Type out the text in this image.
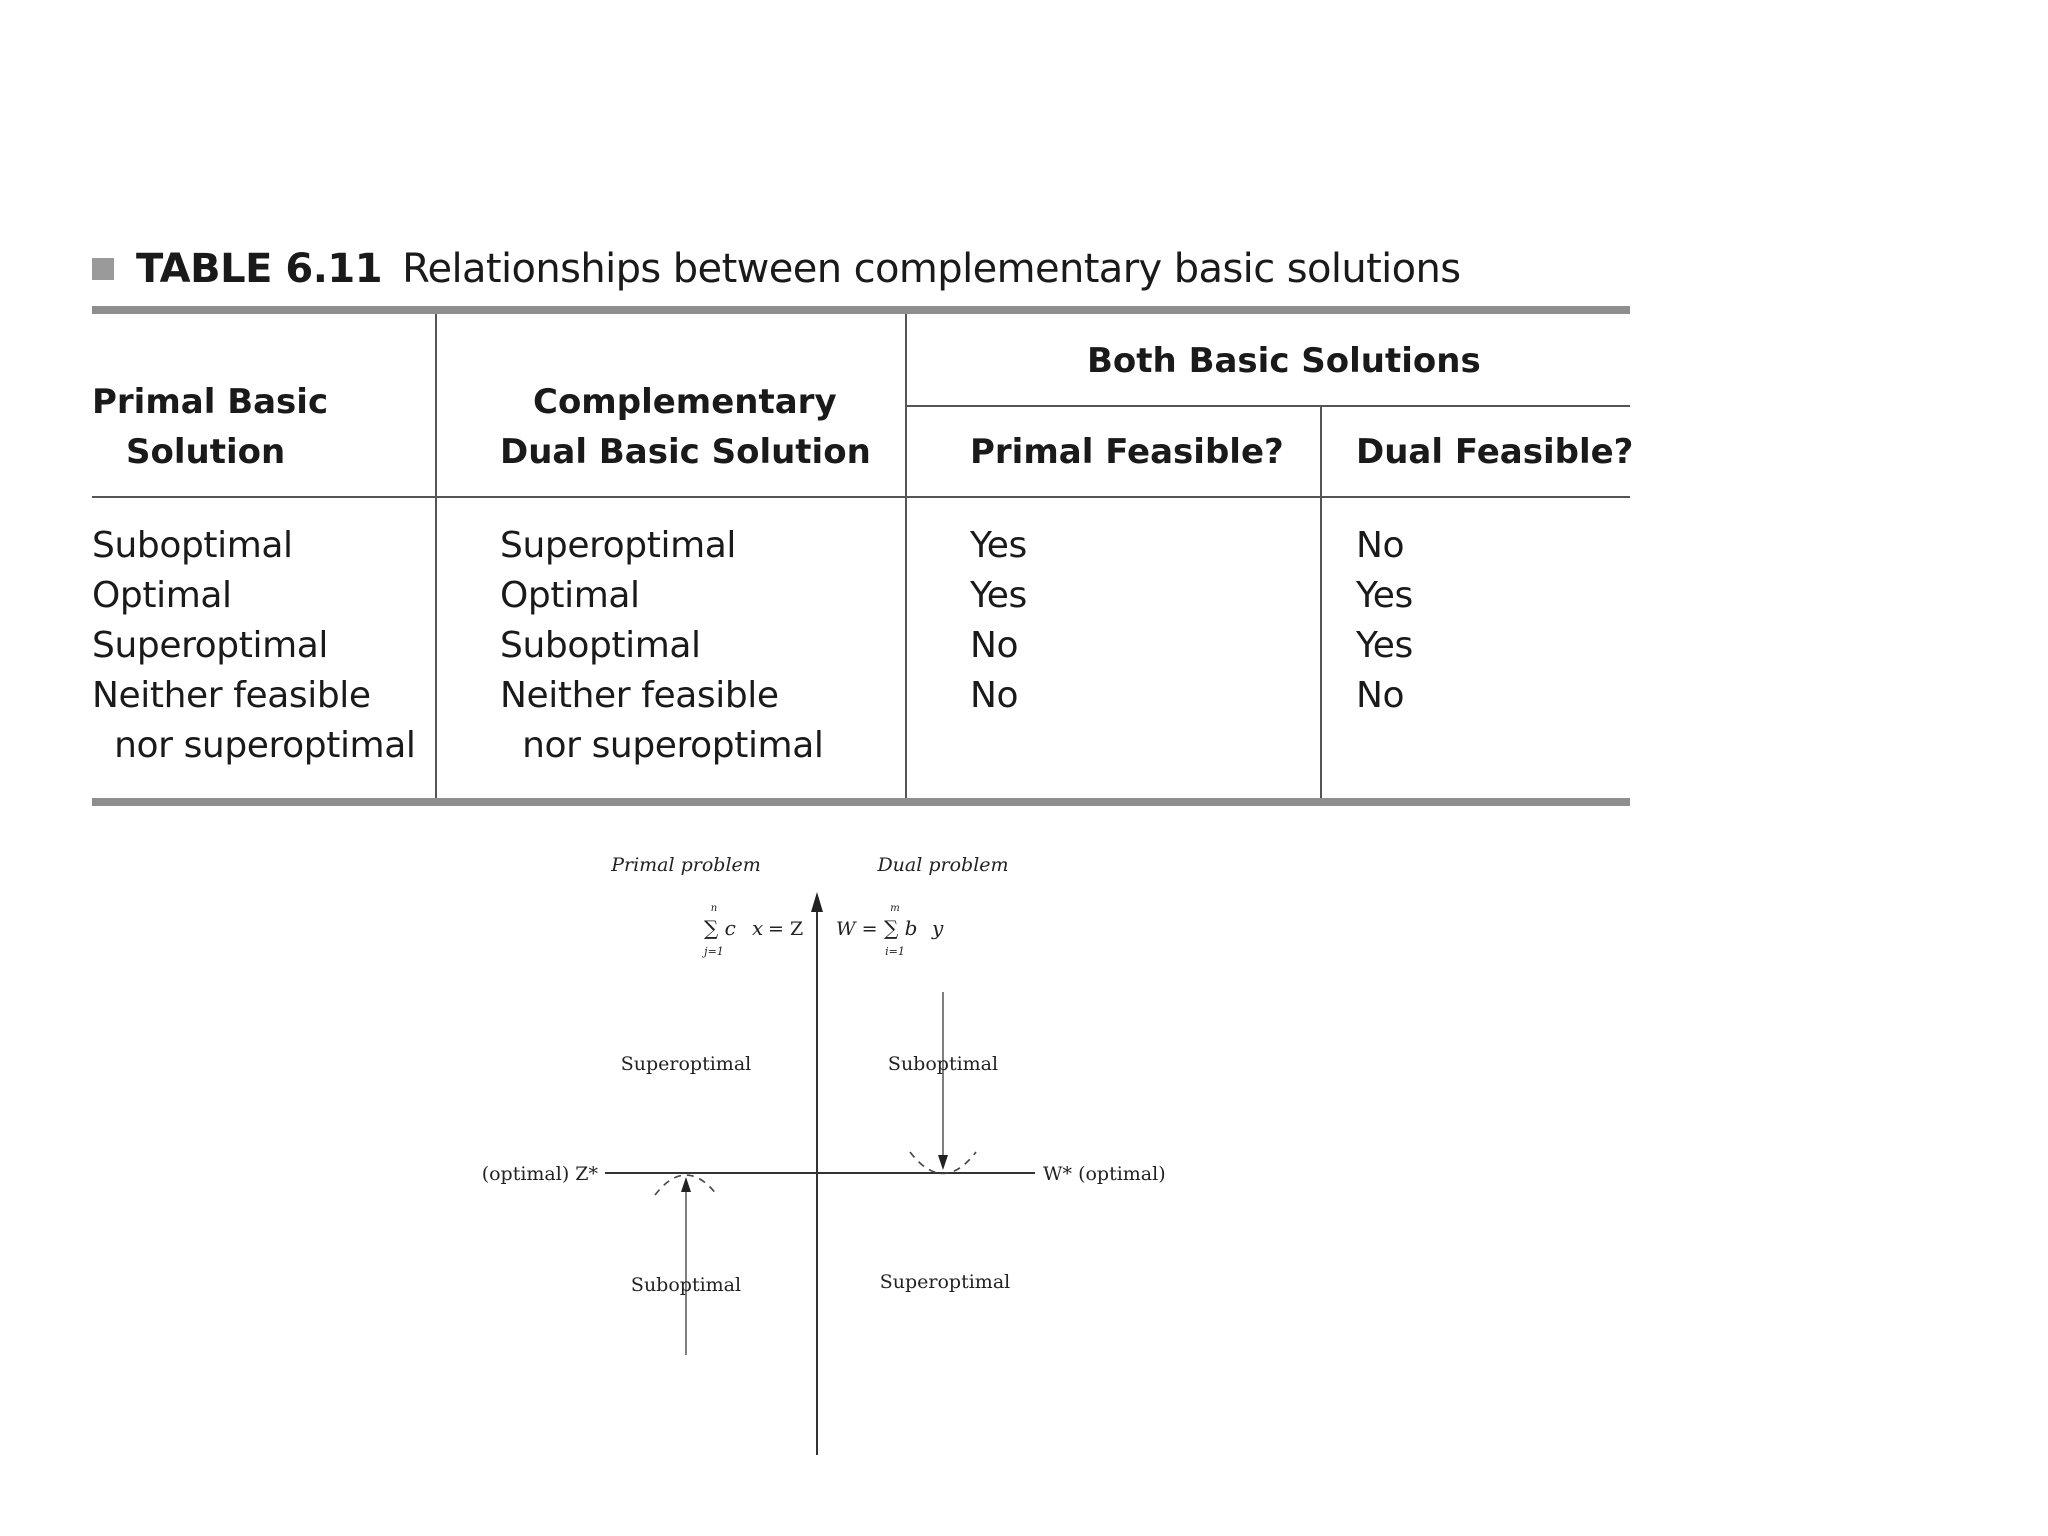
TABLE 6.11 Relationships between complementary basic solutions
Primal Basic
Solution
Complementary
Dual Basic Solution
Both Basic Solutions
Primal Feasible? Dual Feasible?
Suboptimal
Optimal
Superoptimal
Neither feasible
nor superoptimal
Superoptimal
Optimal
Suboptimal
Neither feasible
nor superoptimal
Yes
Yes
No
No
No
Yes
Yes
No
Primal problem	Dual problem
n
∑ c x = Z
j=1
W =
m
∑ b y
i=1
Superoptimal
Suboptimal
Suboptimal
Superoptimal
(optimal) Z*	W* (optimal)
